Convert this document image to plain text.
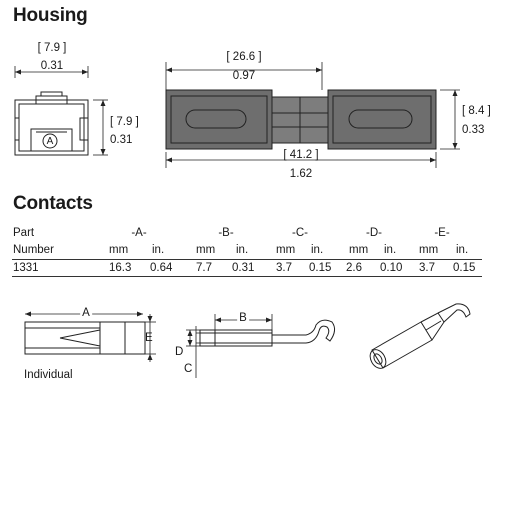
Housing
Contacts
[ 7.9 ]
0.31
[ 7.9 ]
0.31
A
[ 26.6 ]
0.97
[ 41.2 ]
1.62
[ 8.4 ]
0.33
Part
Number
-A-	-B-	-C-	-D-	-E-
mm in.	mm in. mm in. mm in. mm in.
1331	16.3 0.64 7.7 0.31 3.7 0.15 2.6 0.10 3.7 0.15
A
E
Individual
B
D
C
